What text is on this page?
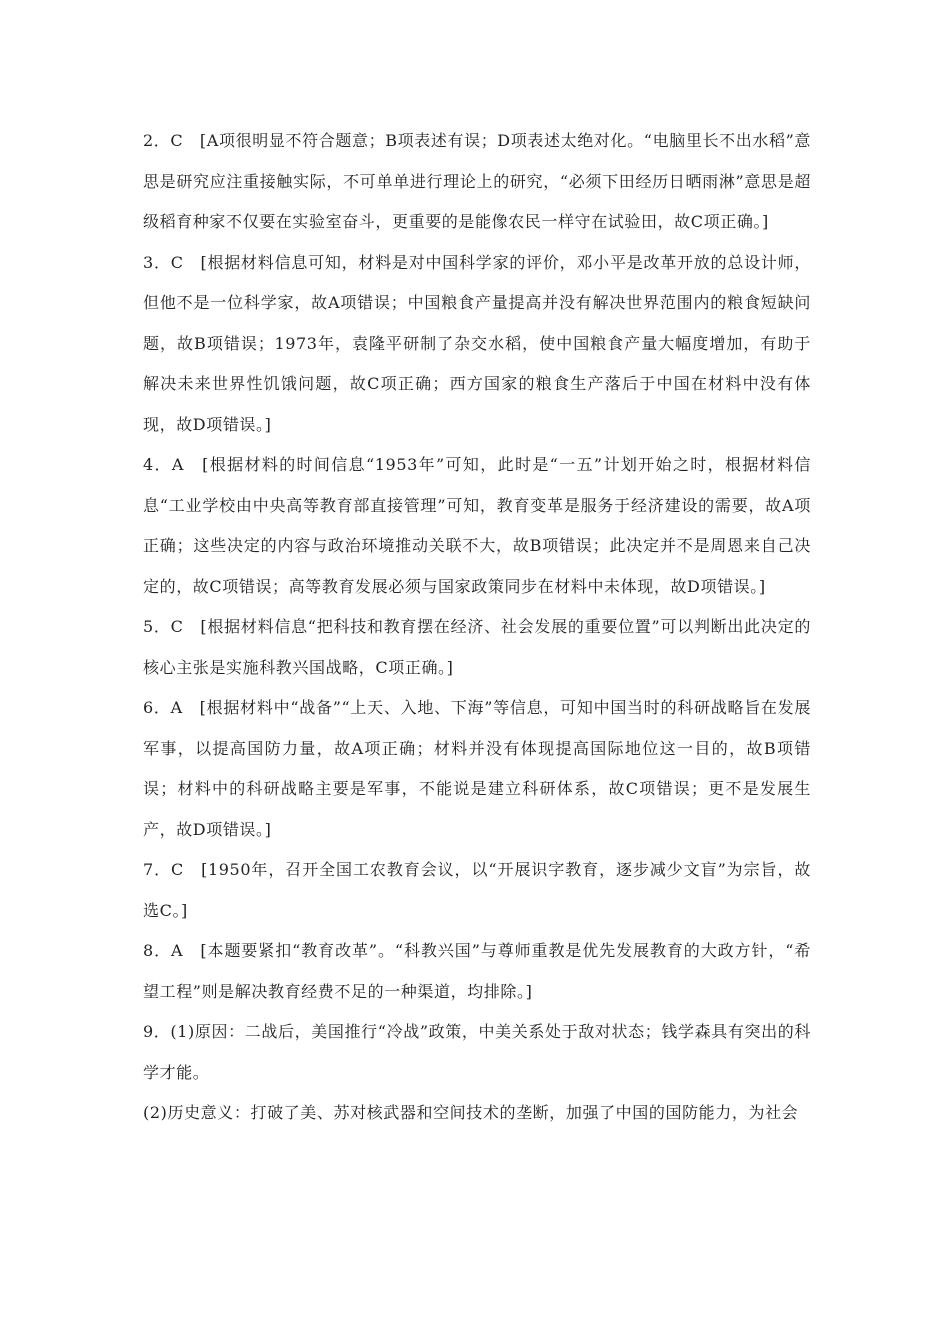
2．C　[A项很明显不符合题意；B项表述有误；D项表述太绝对化。“电脑里长不出水稻”意思是研究应注重接触实际，不可单单进行理论上的研究，“必须下田经历日晒雨淋”意思是超级稻育种家不仅要在实验室奋斗，更重要的是能像农民一样守在试验田，故C项正确。]

3．C　[根据材料信息可知，材料是对中国科学家的评价，邓小平是改革开放的总设计师，但他不是一位科学家，故A项错误；中国粮食产量提高并没有解决世界范围内的粮食短缺问题，故B项错误；1973年，袁隆平研制了杂交水稻，使中国粮食产量大幅度增加，有助于解决未来世界性饥饿问题，故C项正确；西方国家的粮食生产落后于中国在材料中没有体现，故D项错误。]

4．A　[根据材料的时间信息“1953年”可知，此时是“一五”计划开始之时，根据材料信息“工业学校由中央高等教育部直接管理”可知，教育变革是服务于经济建设的需要，故A项正确；这些决定的内容与政治环境推动关联不大，故B项错误；此决定并不是周恩来自己决定的，故C项错误；高等教育发展必须与国家政策同步在材料中未体现，故D项错误。]

5．C　[根据材料信息“把科技和教育摆在经济、社会发展的重要位置”可以判断出此决定的核心主张是实施科教兴国战略，C项正确。]

6．A　[根据材料中“战备”“上天、入地、下海”等信息，可知中国当时的科研战略旨在发展军事，以提高国防力量，故A项正确；材料并没有体现提高国际地位这一目的，故B项错误；材料中的科研战略主要是军事，不能说是建立科研体系，故C项错误；更不是发展生产，故D项错误。]

7．C　[1950年，召开全国工农教育会议，以“开展识字教育，逐步减少文盲”为宗旨，故选C。]

8．A　[本题要紧扣“教育改革”。“科教兴国”与尊师重教是优先发展教育的大政方针，“希望工程”则是解决教育经费不足的一种渠道，均排除。]

9．(1)原因：二战后，美国推行“冷战”政策，中美关系处于敌对状态；钱学森具有突出的科学才能。

(2)历史意义：打破了美、苏对核武器和空间技术的垄断，加强了中国的国防能力，为社会
